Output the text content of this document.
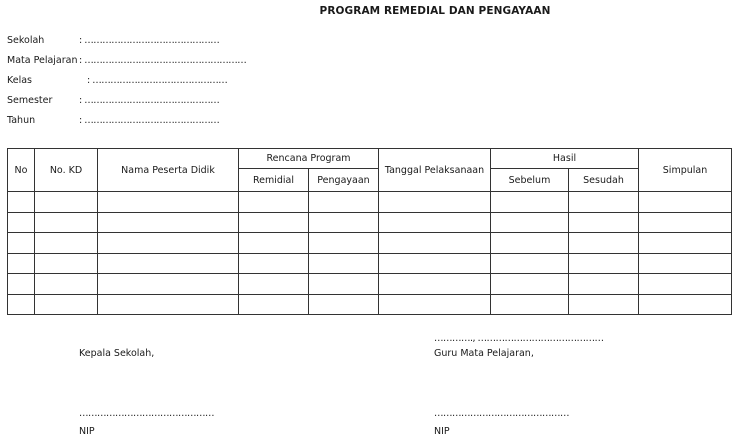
PROGRAM REMEDIAL DAN PENGAYAAN
Sekolah	: ………………………………………
Mata Pelajaran : ………………………………………………
Kelas	: ………………………………………
Semester	: ………………………………………
Tahun	: ………………………………………
No	No. KD	Nama Peserta Didik	Rencana Program		Tanggal Pelaksanaan	Hasil		Simpulan
			Remidial	Pengayaan		Sebelum	Sesudah	

…………., ……………………………………
Kepala Sekolah,
………………………………………
NIP
Guru Mata Pelajaran,
………………………………………
NIP
